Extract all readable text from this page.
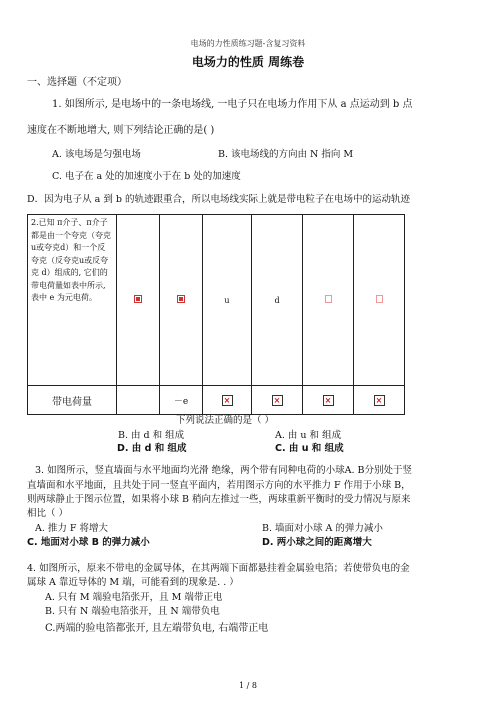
电场的力性质练习题-含复习资料
电场力的性质 周练卷
一、选择题（不定项）
1. 如图所示, 是电场中的一条电场线, 一电子只在电场力作用下从 a 点运动到 b 点
速度在不断地增大, 则下列结论正确的是( )
A. 该电场是匀强电场	B. 该电场线的方向由 N 指向 M
C. 电子在 a 处的加速度小于在 b 处的加速度
D．因为电子从 a 到 b 的轨迹跟重合，所以电场线实际上就是带电粒子在电场中的运动轨迹
2.已知 π介子、π介子都是由一个夸克（夸克u或夸克d）和一个反夸克（反夸克u或反夸克 d）组成的, 它们的带电荷量如表中所示, 表中 e 为元电荷。			u	d		
带电荷量		－e	×	×	×	×
下列说法正确的是（ ）
B. 由 d 和 组成	A. 由 u 和 组成
D. 由 d 和 组成	C. 由 u 和 组成
3. 如图所示，竖直墙面与水平地面均光滑 绝缘，两个带有同种电荷的小球A. B分别处于竖
直墙面和水平地面，且共处于同一竖直平面内，若用图示方向的水平推力 F 作用于小球 B，
则两球静止于图示位置，如果将小球 B 稍向左推过一些，两球重新平衡时的受力情况与原来
相比（ ）
A. 推力 F 将增大	B. 墙面对小球 A 的弹力减小
C. 地面对小球 B 的弹力减小	D. 两小球之间的距离增大
4. 如图所示，原来不带电的金属导体，在其两端下面都悬挂着金属验电箔；若使带负电的金
属球 A 靠近导体的 M 端，可能看到的现象是. . ）
A. 只有 M 端验电箔张开，且 M 端带正电
B. 只有 N 端验电箔张开，且 N 端带负电
C.两端的验电箔都张开, 且左端带负电, 右端带正电
1 / 8
